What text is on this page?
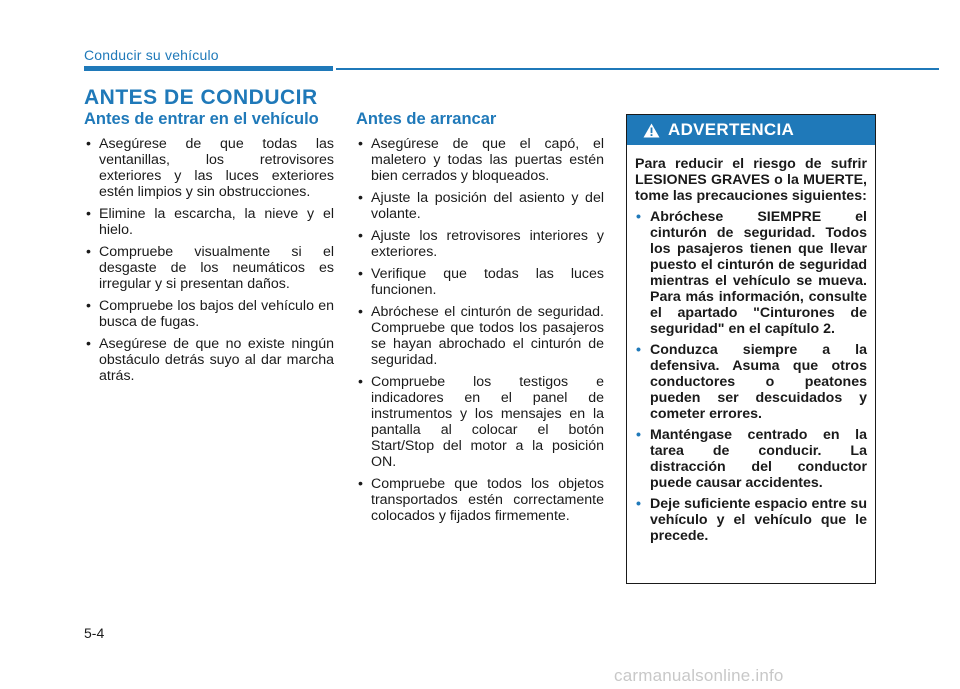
Conducir su vehículo
ANTES DE CONDUCIR
Antes de entrar en el vehículo
• Asegúrese de que todas las ventanillas, los retrovisores exteriores y las luces exteriores estén limpios y sin obstrucciones.
• Elimine la escarcha, la nieve y el hielo.
• Compruebe visualmente si el desgaste de los neumáticos es irregular y si presentan daños.
• Compruebe los bajos del vehículo en busca de fugas.
• Asegúrese de que no existe ningún obstáculo detrás suyo al dar marcha atrás.
Antes de arrancar
• Asegúrese de que el capó, el maletero y todas las puertas estén bien cerrados y bloqueados.
• Ajuste la posición del asiento y del volante.
• Ajuste los retrovisores interiores y exteriores.
• Verifique que todas las luces funcionen.
• Abróchese el cinturón de seguridad. Compruebe que todos los pasajeros se hayan abrochado el cinturón de seguridad.
• Compruebe los testigos e indicadores en el panel de instrumentos y los mensajes en la pantalla al colocar el botón Start/Stop del motor a la posición ON.
• Compruebe que todos los objetos transportados estén correctamente colocados y fijados firmemente.
ADVERTENCIA

Para reducir el riesgo de sufrir LESIONES GRAVES o la MUERTE, tome las precauciones siguientes:

• Abróchese SIEMPRE el cinturón de seguridad. Todos los pasajeros tienen que llevar puesto el cinturón de seguridad mientras el vehículo se mueva. Para más información, consulte el apartado "Cinturones de seguridad" en el capítulo 2.
• Conduzca siempre a la defensiva. Asuma que otros conductores o peatones pueden ser descuidados y cometer errores.
• Manténgase centrado en la tarea de conducir. La distracción del conductor puede causar accidentes.
• Deje suficiente espacio entre su vehículo y el vehículo que le precede.
5-4
carmanualsonline.info
